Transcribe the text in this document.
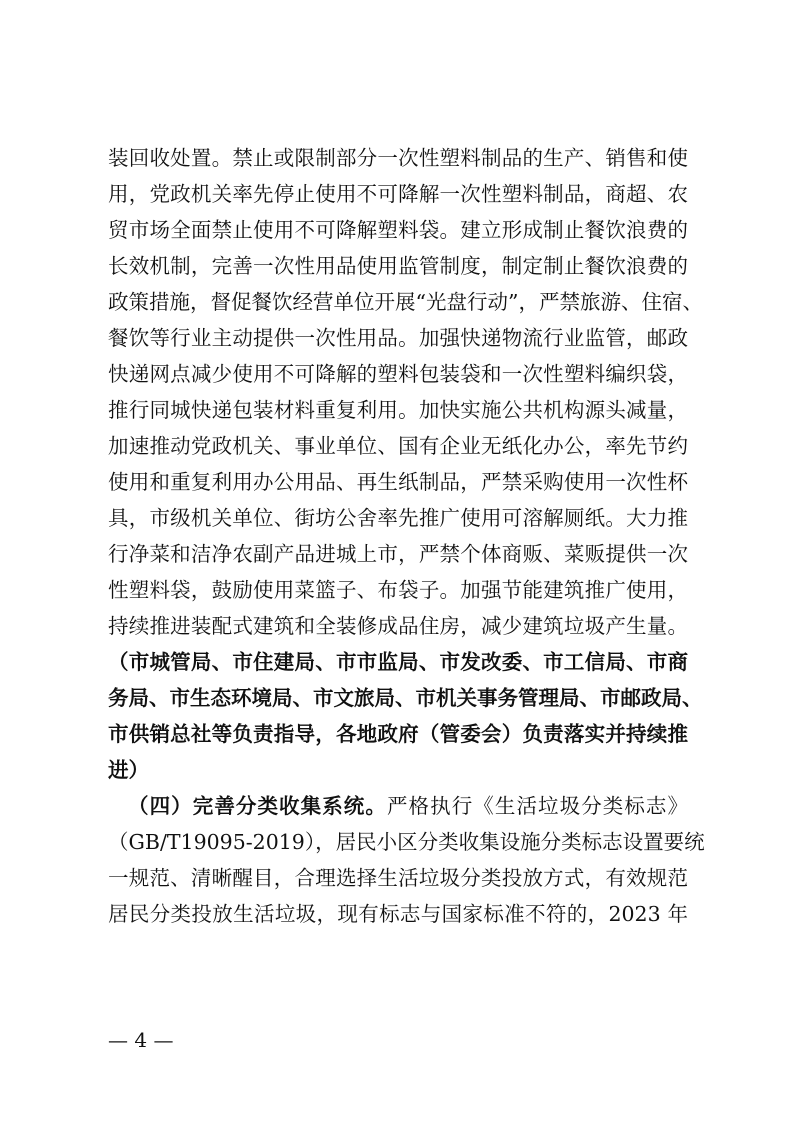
装回收处置。禁止或限制部分一次性塑料制品的生产、销售和使
用，党政机关率先停止使用不可降解一次性塑料制品，商超、农
贸市场全面禁止使用不可降解塑料袋。建立形成制止餐饮浪费的
长效机制，完善一次性用品使用监管制度，制定制止餐饮浪费的
政策措施，督促餐饮经营单位开展“光盘行动”，严禁旅游、住宿、
餐饮等行业主动提供一次性用品。加强快递物流行业监管，邮政
快递网点减少使用不可降解的塑料包装袋和一次性塑料编织袋，
推行同城快递包装材料重复利用。加快实施公共机构源头减量，
加速推动党政机关、事业单位、国有企业无纸化办公，率先节约
使用和重复利用办公用品、再生纸制品，严禁采购使用一次性杯
具，市级机关单位、街坊公舍率先推广使用可溶解厕纸。大力推
行净菜和洁净农副产品进城上市，严禁个体商贩、菜贩提供一次
性塑料袋，鼓励使用菜篮子、布袋子。加强节能建筑推广使用，
持续推进装配式建筑和全装修成品住房，减少建筑垃圾产生量。
（市城管局、市住建局、市市监局、市发改委、市工信局、市商
务局、市生态环境局、市文旅局、市机关事务管理局、市邮政局、
市供销总社等负责指导，各地政府（管委会）负责落实并持续推
进）
（四）完善分类收集系统。严格执行《生活垃圾分类标志》
（GB/T19095-2019），居民小区分类收集设施分类标志设置要统
一规范、清晰醒目，合理选择生活垃圾分类投放方式，有效规范
居民分类投放生活垃圾，现有标志与国家标准不符的，2023 年
— 4 —
